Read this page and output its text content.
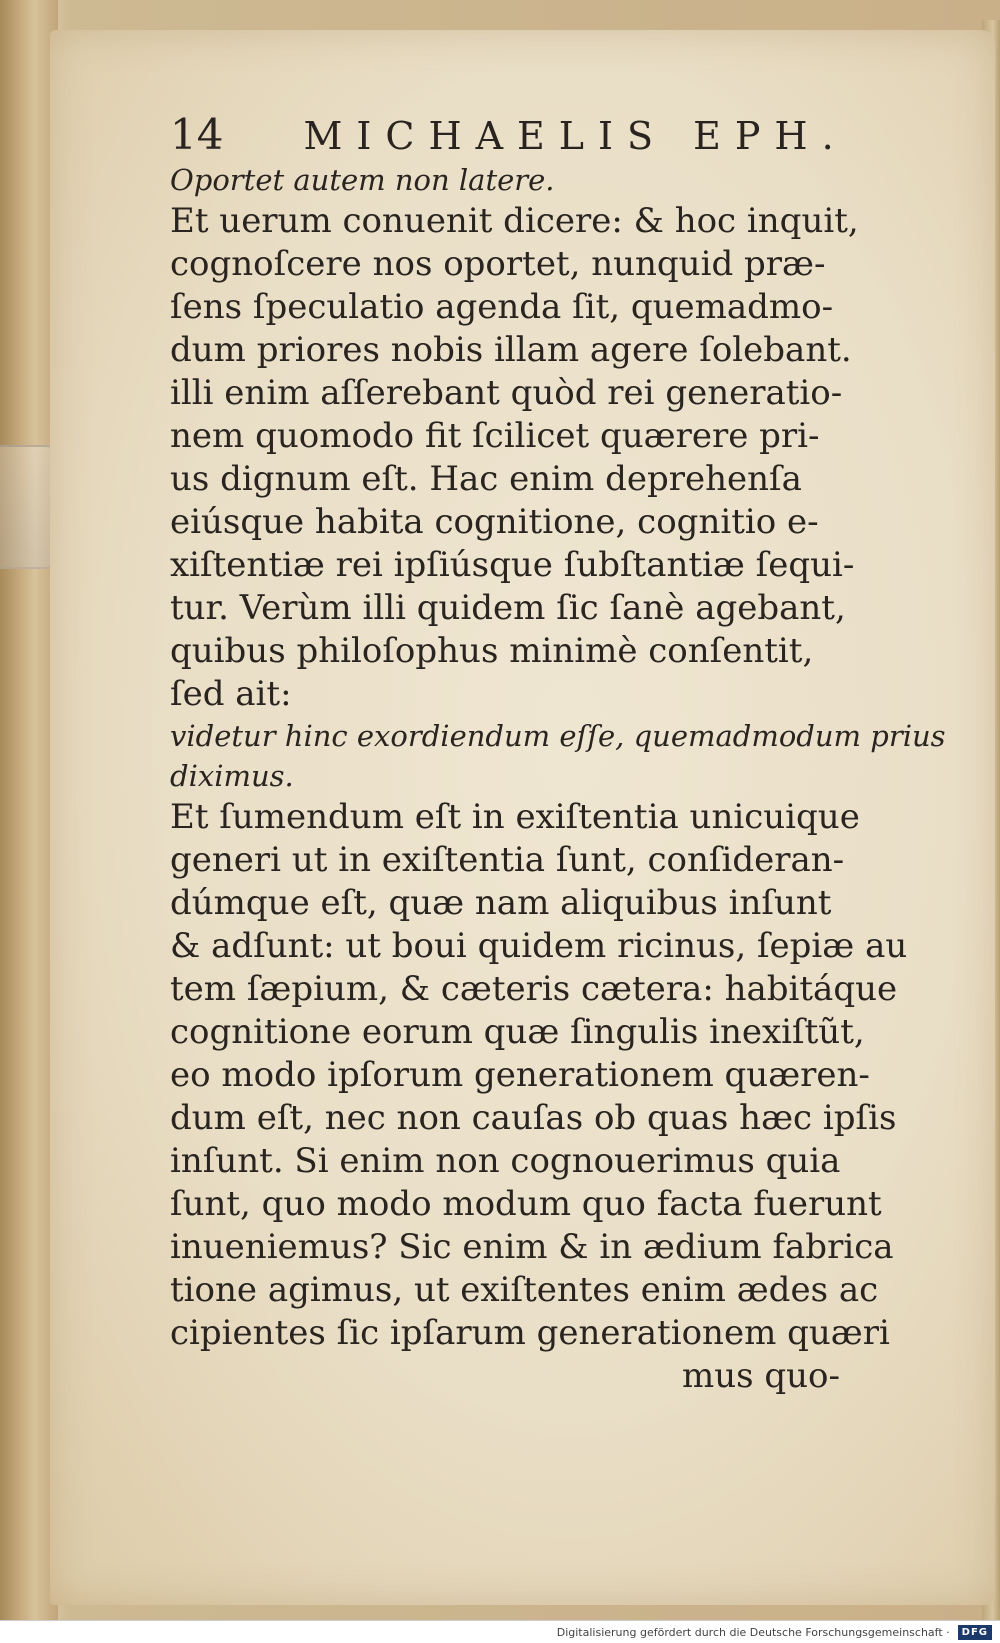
14 MICHAELIS EPH.
Oportet autem non latere.
Et uerum conuenit dicere: & hoc inquit,
cognoſcere nos oportet, nunquid præ-
ſens ſpeculatio agenda ſit, quemadmo-
dum priores nobis illam agere ſolebant.
illi enim aſſerebant quòd rei generatio-
nem quomodo fit ſcilicet quærere pri-
us dignum eſt. Hac enim deprehenſa
eiúsque habita cognitione, cognitio e-
xiſtentiæ rei ipſiúsque ſubſtantiæ ſequi-
tur. Verùm illi quidem ſic ſanè agebant,
quibus philoſophus minimè conſentit,
ſed ait:
videtur hinc exordiendum eſſe, quemadmodum prius
diximus.
Et ſumendum eſt in exiſtentia unicuique
generi ut in exiſtentia ſunt, conſideran-
dúmque eſt, quæ nam aliquibus inſunt
& adſunt: ut boui quidem ricinus, ſepiæ au
tem ſæpium, & cæteris cætera: habitáque
cognitione eorum quæ ſingulis inexiſtũt,
eo modo ipſorum generationem quæren-
dum eſt, nec non cauſas ob quas hæc ipſis
inſunt. Si enim non cognouerimus quia
ſunt, quo modo modum quo facta fuerunt
inueniemus? Sic enim & in ædium fabrica
tione agimus, ut exiſtentes enim ædes ac
cipientes ſic ipſarum generationem quæri
mus quo-
Digitalisierung gefördert durch die Deutsche Forschungsgemeinschaft ·	DFG
